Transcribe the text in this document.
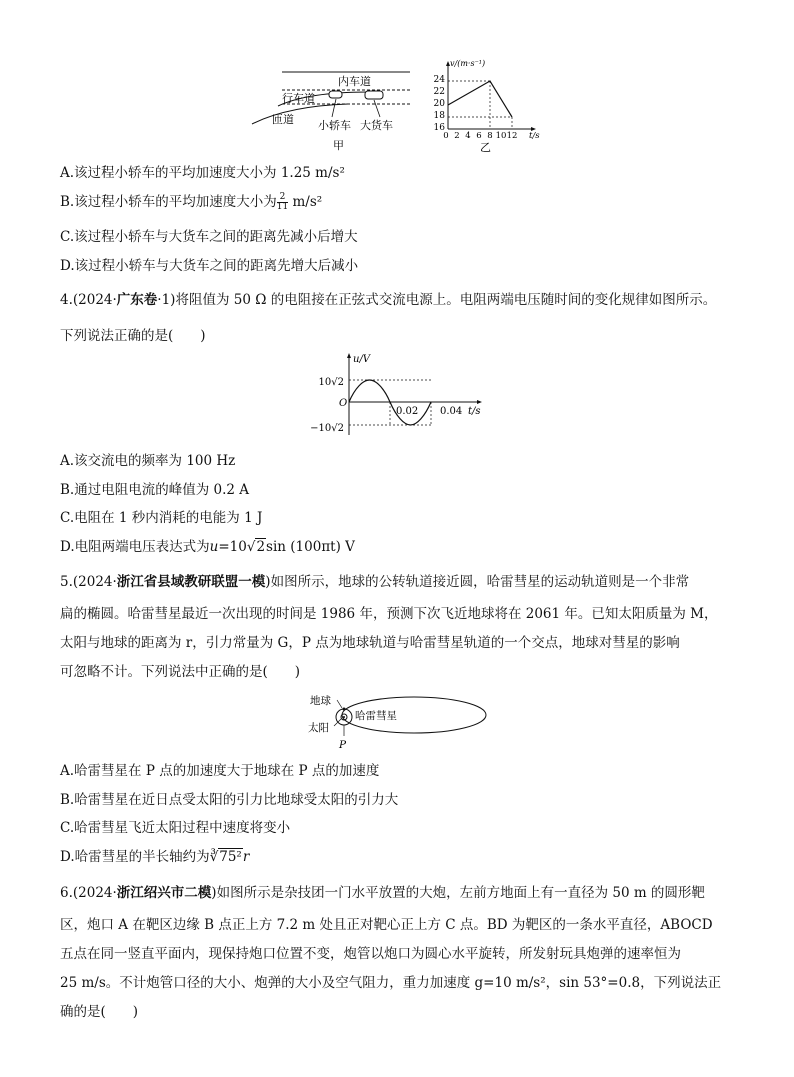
内车道
行车道
匝道 小轿车 大货车
甲
v/(m·s⁻¹)
24
22
20
18
16
0 2 4 6 8 10 12 t/s
乙
A.该过程小轿车的平均加速度大小为 1.25 m/s²
B.该过程小轿车的平均加速度大小为 $\frac{2}{11} m/s^2$
C.该过程小轿车与大货车之间的距离先减小后增大
D.该过程小轿车与大货车之间的距离先增大后减小
4.(2024·广东卷·1)将阻值为 50 Ω 的电阻接在正弦式交流电源上。电阻两端电压随时间的变化规律如图所示。
下列说法正确的是(　　)
u/V
10√2
−10√2
O
0.02 0.04 t/s
A.该交流电的频率为 100 Hz
B.通过电阻电流的峰值为 0.2 A
C.电阻在 1 秒内消耗的电能为 1 J
D.电阻两端电压表达式为u=10√2sin (100πt) V
5.(2024·浙江省县域教研联盟一模)如图所示，地球的公转轨道接近圆，哈雷彗星的运动轨道则是一个非常
扁的椭圆。哈雷彗星最近一次出现的时间是 1986 年，预测下次飞近地球将在 2061 年。已知太阳质量为 M，
太阳与地球的距离为 r，引力常量为 G，P 点为地球轨道与哈雷彗星轨道的一个交点，地球对彗星的影响
可忽略不计。下列说法中正确的是(　　)
地球
太阳
哈雷彗星
P
A.哈雷彗星在 P 点的加速度大于地球在 P 点的加速度
B.哈雷彗星在近日点受太阳的引力比地球受太阳的引力大
C.哈雷彗星飞近太阳过程中速度将变小
D.哈雷彗星的半长轴约为∛75²r
6.(2024·浙江绍兴市二模)如图所示是杂技团一门水平放置的大炮，左前方地面上有一直径为 50 m 的圆形靶
区，炮口 A 在靶区边缘 B 点正上方 7.2 m 处且正对靶心正上方 C 点。BD 为靶区的一条水平直径，ABOCD
五点在同一竖直平面内，现保持炮口位置不变，炮管以炮口为圆心水平旋转，所发射玩具炮弹的速率恒为
25 m/s。不计炮管口径的大小、炮弹的大小及空气阻力，重力加速度 g=10 m/s²，sin 53°=0.8，下列说法正
确的是(　　)
